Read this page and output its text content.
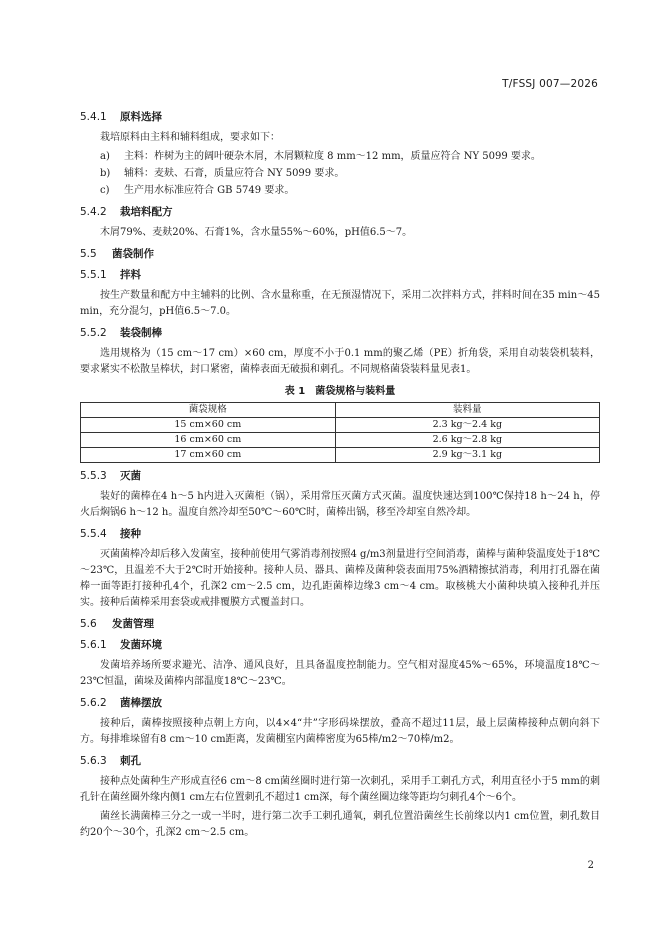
T/FSSJ 007—2026
5.4.1 原料选择

栽培原料由主料和辅料组成，要求如下：

a) 主料：柞树为主的阔叶硬杂木屑，木屑颗粒度 8 mm～12 mm，质量应符合 NY 5099 要求。
b) 辅料：麦麸、石膏，质量应符合 NY 5099 要求。
c) 生产用水标准应符合 GB 5749 要求。
5.4.2 栽培料配方

木屑79%、麦麸20%、石膏1%，含水量55%～60%，pH值6.5～7。

5.5 菌袋制作
5.5.1 拌料

按生产数量和配方中主辅料的比例、含水量称重，在无预湿情况下，采用二次拌料方式，拌料时间在35 min～45 min，充分混匀，pH值6.5～7.0。

5.5.2 装袋制棒

选用规格为（15 cm～17 cm）×60 cm，厚度不小于0.1 mm的聚乙烯（PE）折角袋，采用自动装袋机装料，要求紧实不松散呈棒状，封口紧密，菌棒表面无破损和刺孔。不同规格菌袋装料量见表1。

表 1 菌袋规格与装料量
菌袋规格	装料量
15 cm×60 cm	2.3 kg～2.4 kg
16 cm×60 cm	2.6 kg～2.8 kg
17 cm×60 cm	2.9 kg～3.1 kg
5.5.3 灭菌

装好的菌棒在4 h～5 h内进入灭菌柜（锅），采用常压灭菌方式灭菌。温度快速达到100℃保持18 h～24 h，停火后焖锅6 h～12 h。温度自然冷却至50℃～60℃时，菌棒出锅，移至冷却室自然冷却。

5.5.4 接种

灭菌菌棒冷却后移入发菌室，接种前使用气雾消毒剂按照4 g/m3剂量进行空间消毒，菌棒与菌种袋温度处于18℃～23℃，且温差不大于2℃时开始接种。接种人员、器具、菌棒及菌种袋表面用75%酒精擦拭消毒，利用打孔器在菌棒一面等距打接种孔4个，孔深2 cm～2.5 cm，边孔距菌棒边缘3 cm～4 cm。取核桃大小菌种块填入接种孔并压实。接种后菌棒采用套袋或戒排覆膜方式覆盖封口。

5.6 发菌管理
5.6.1 发菌环境

发菌培养场所要求避光、洁净、通风良好，且具备温度控制能力。空气相对湿度45%～65%，环境温度18℃～23℃恒温，菌垛及菌棒内部温度18℃～23℃。

5.6.2 菌棒摆放

接种后，菌棒按照接种点朝上方向，以4×4“井”字形码垛摆放，叠高不超过11层，最上层菌棒接种点朝向斜下方。每排堆垛留有8 cm～10 cm距离，发菌棚室内菌棒密度为65棒/m2～70棒/m2。

5.6.3 刺孔

接种点处菌种生产形成直径6 cm～8 cm菌丝圈时进行第一次刺孔，采用手工刺孔方式，利用直径小于5 mm的刺孔针在菌丝圈外缘内侧1 cm左右位置刺孔不超过1 cm深，每个菌丝圈边缘等距均匀刺孔4个～6个。

菌丝长满菌棒三分之一或一半时，进行第二次手工刺孔通氧，刺孔位置沿菌丝生长前缘以内1 cm位置，刺孔数目约20个～30个，孔深2 cm～2.5 cm。

2
